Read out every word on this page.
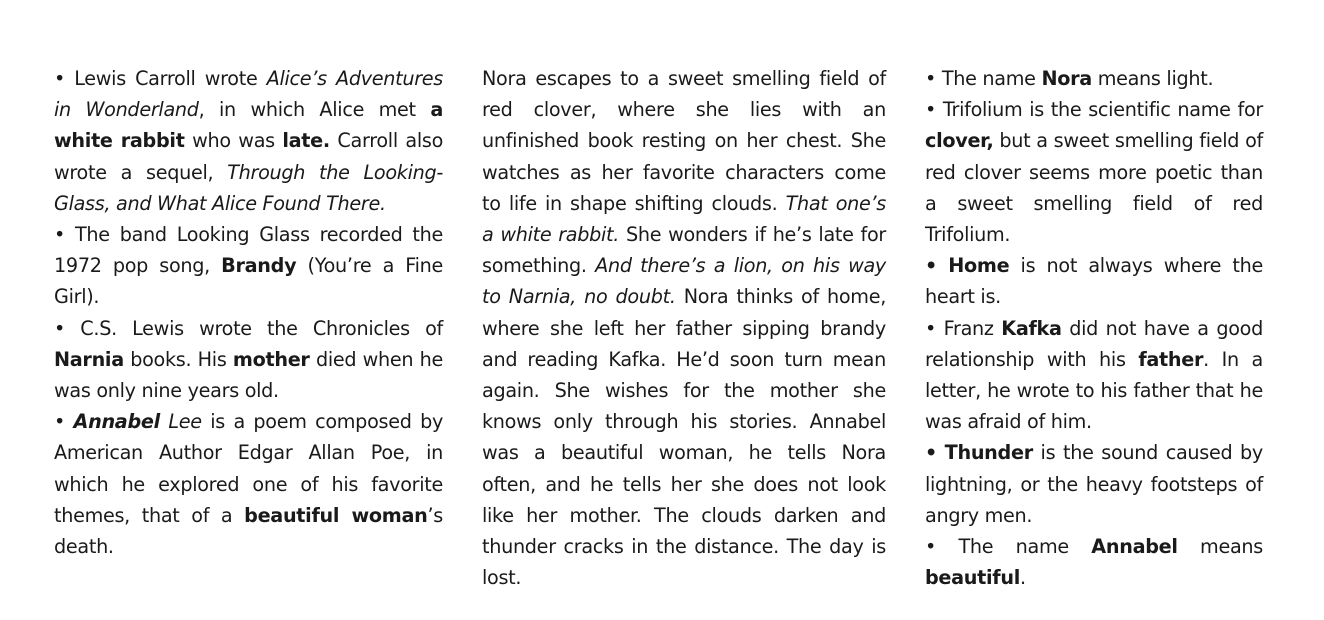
• Lewis Carroll wrote Alice’s Adventures in Wonderland, in which Alice met a white rabbit who was late. Carroll also wrote a sequel, Through the Looking-Glass, and What Alice Found There.

• The band Looking Glass recorded the 1972 pop song, Brandy (You’re a Fine Girl).

• C.S. Lewis wrote the Chronicles of Narnia books. His mother died when he was only nine years old.

• Annabel Lee is a poem composed by American Author Edgar Allan Poe, in which he explored one of his favorite themes, that of a beautiful woman’s death.

Nora escapes to a sweet smelling field of red clover, where she lies with an unfinished book resting on her chest. She watches as her favorite characters come to life in shape shifting clouds. That one’s a white rabbit. She wonders if he’s late for something. And there’s a lion, on his way to Narnia, no doubt. Nora thinks of home, where she left her father sipping brandy and reading Kafka. He’d soon turn mean again. She wishes for the mother she knows only through his stories. Annabel was a beautiful woman, he tells Nora often, and he tells her she does not look like her mother. The clouds darken and thunder cracks in the distance. The day is lost.

• The name Nora means light.

• Trifolium is the scientific name for clover, but a sweet smelling field of red clover seems more poetic than a sweet smelling field of red Trifolium.

• Home is not always where the heart is.

• Franz Kafka did not have a good relationship with his father. In a letter, he wrote to his father that he was afraid of him.

• Thunder is the sound caused by lightning, or the heavy footsteps of angry men.

• The name Annabel means beautiful.
